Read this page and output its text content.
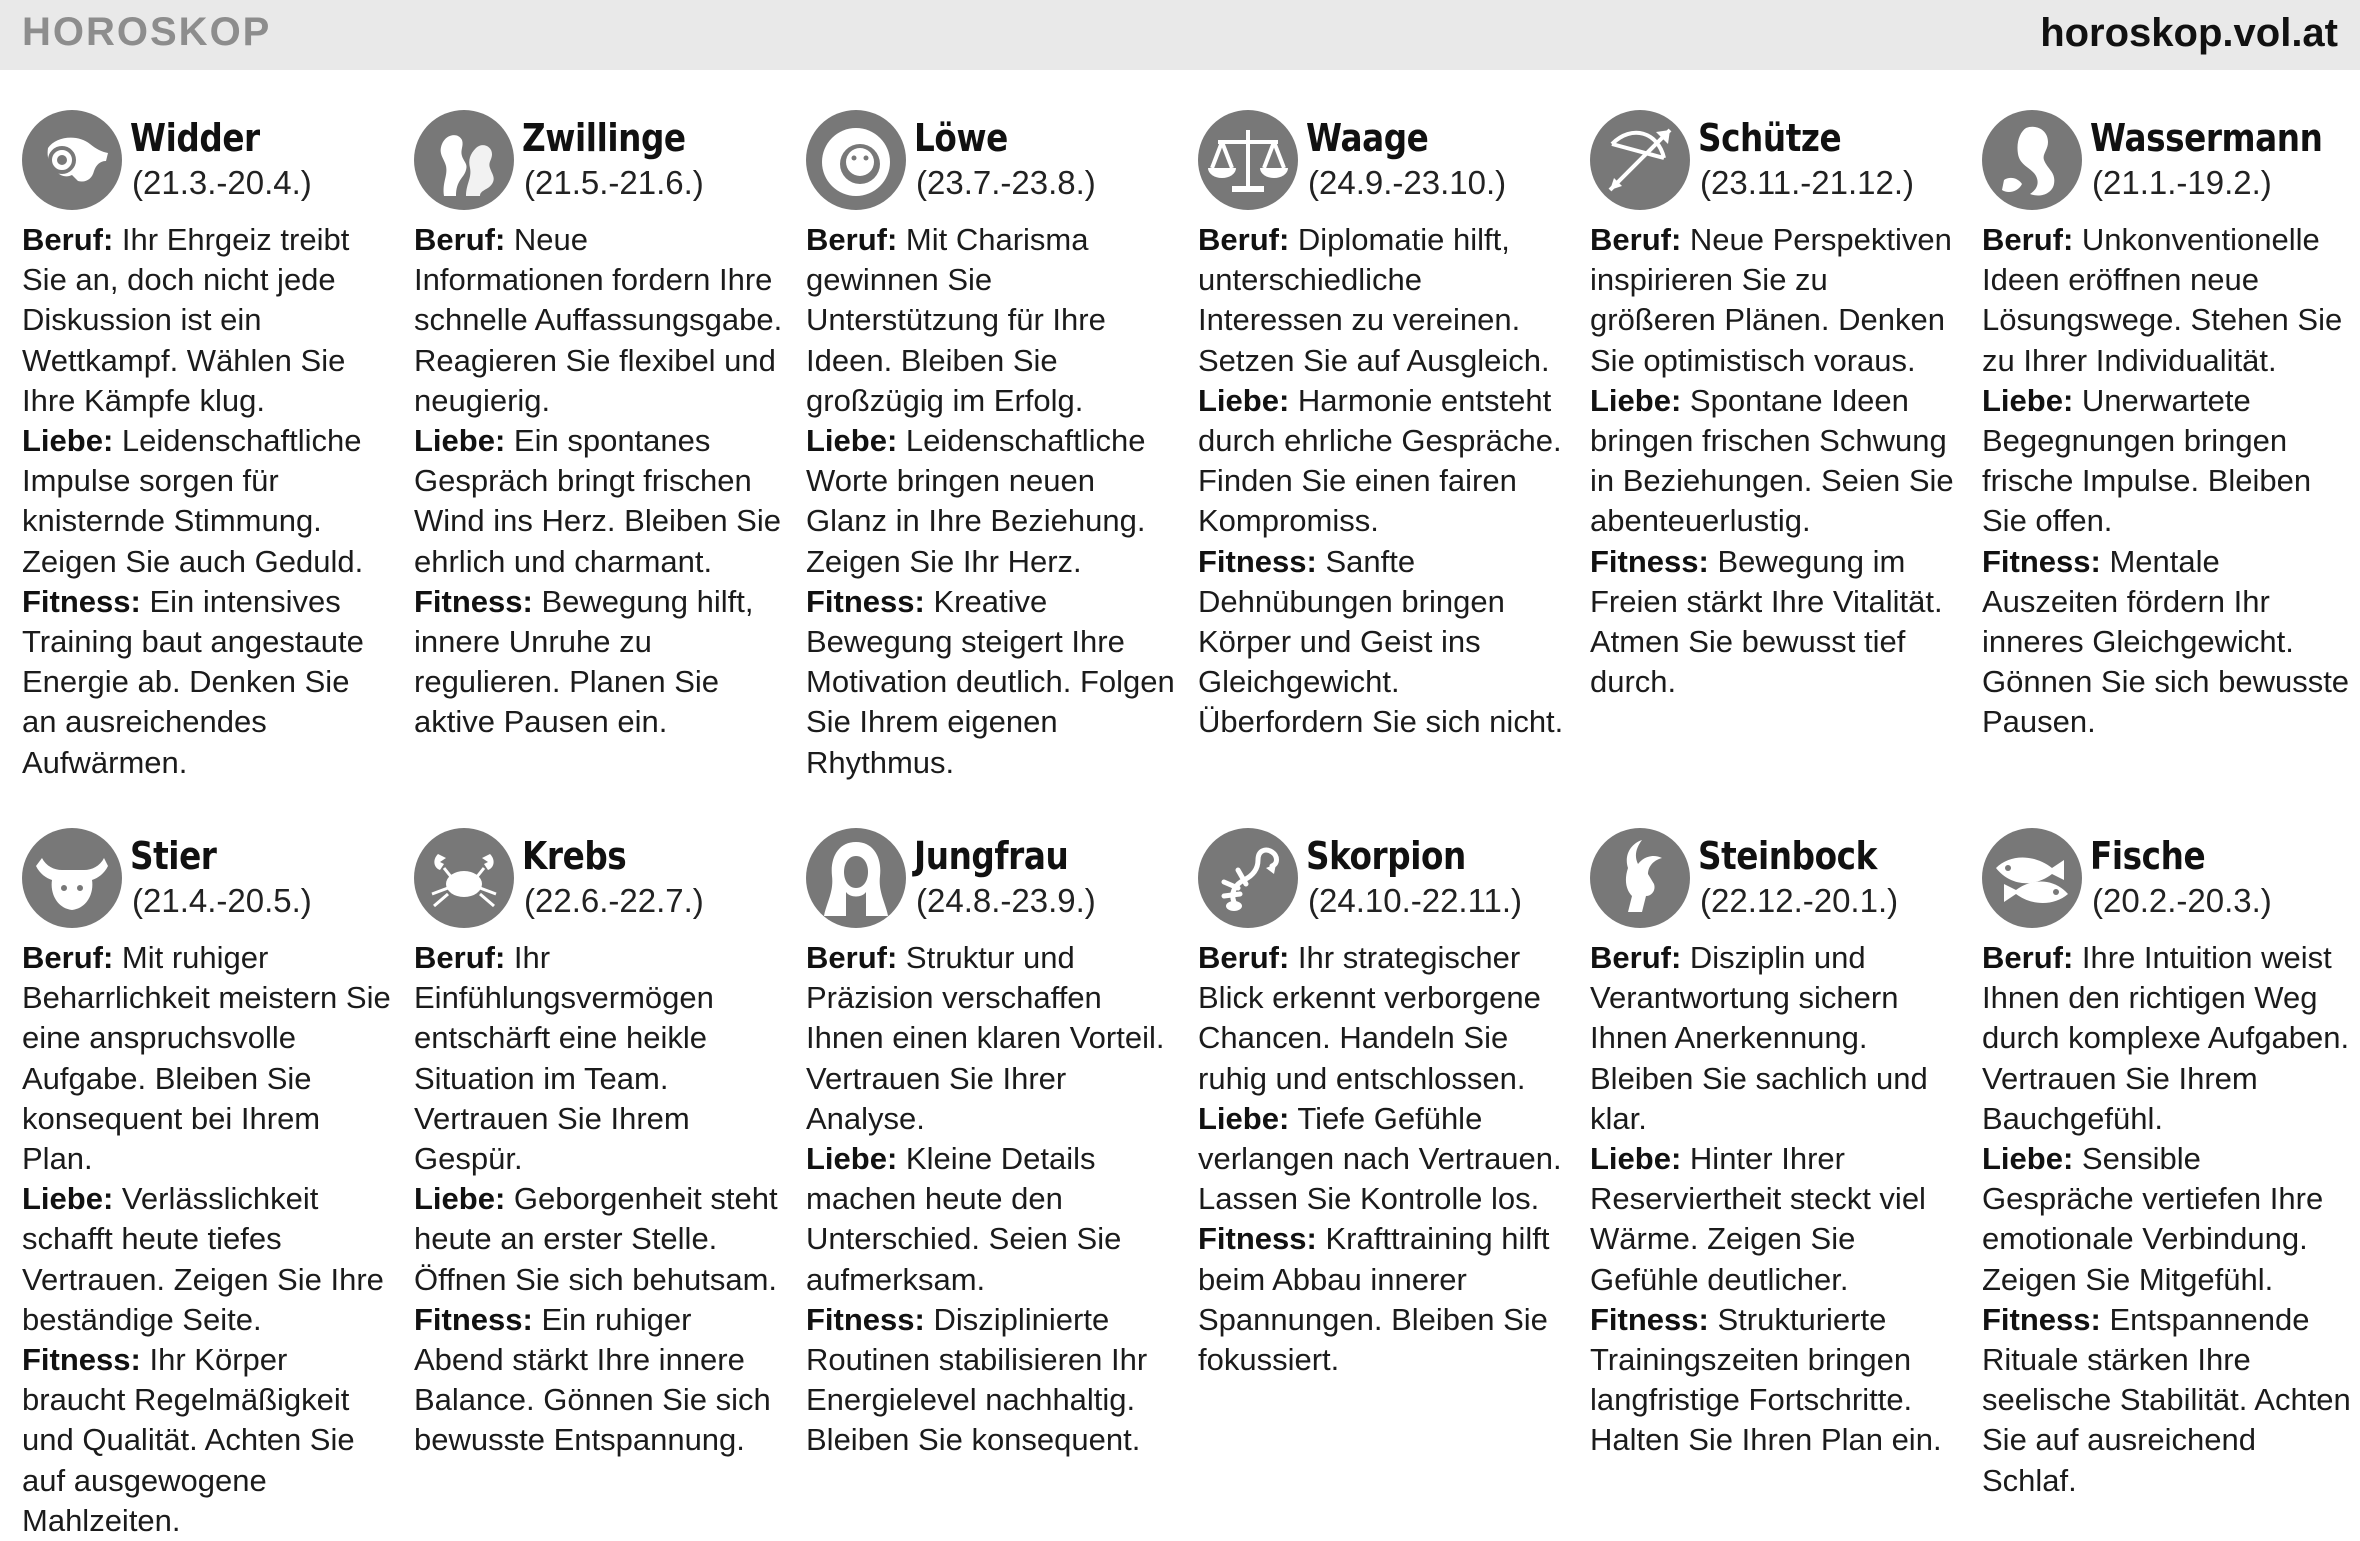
HOROSKOP	horoskop.vol.at
Widder
(21.3.-20.4.)
Beruf: Ihr Ehrgeiz treibt Sie an, doch nicht jede Diskussion ist ein Wettkampf. Wählen Sie Ihre Kämpfe klug.
Liebe: Leidenschaftliche Impulse sorgen für knisternde Stimmung. Zeigen Sie auch Geduld.
Fitness: Ein intensives Training baut angestaute Energie ab. Denken Sie an ausreichendes Aufwärmen.
Zwillinge
(21.5.-21.6.)
Beruf: Neue Informationen fordern Ihre schnelle Auffassungsgabe. Reagieren Sie flexibel und neugierig.
Liebe: Ein spontanes Gespräch bringt frischen Wind ins Herz. Bleiben Sie ehrlich und charmant.
Fitness: Bewegung hilft, innere Unruhe zu regulieren. Planen Sie aktive Pausen ein.
Löwe
(23.7.-23.8.)
Beruf: Mit Charisma gewinnen Sie Unterstützung für Ihre Ideen. Bleiben Sie großzügig im Erfolg.
Liebe: Leidenschaftliche Worte bringen neuen Glanz in Ihre Beziehung. Zeigen Sie Ihr Herz.
Fitness: Kreative Bewegung steigert Ihre Motivation deutlich. Folgen Sie Ihrem eigenen Rhythmus.
Waage
(24.9.-23.10.)
Beruf: Diplomatie hilft, unterschiedliche Interessen zu vereinen. Setzen Sie auf Ausgleich.
Liebe: Harmonie entsteht durch ehrliche Gespräche. Finden Sie einen fairen Kompromiss.
Fitness: Sanfte Dehnübungen bringen Körper und Geist ins Gleichgewicht. Überfordern Sie sich nicht.
Schütze
(23.11.-21.12.)
Beruf: Neue Perspektiven inspirieren Sie zu größeren Plänen. Denken Sie optimistisch voraus.
Liebe: Spontane Ideen bringen frischen Schwung in Beziehungen. Seien Sie abenteuerlustig.
Fitness: Bewegung im Freien stärkt Ihre Vitalität. Atmen Sie bewusst tief durch.
Wassermann
(21.1.-19.2.)
Beruf: Unkonventionelle Ideen eröffnen neue Lösungswege. Stehen Sie zu Ihrer Individualität.
Liebe: Unerwartete Begegnungen bringen frische Impulse. Bleiben Sie offen.
Fitness: Mentale Auszeiten fördern Ihr inneres Gleichgewicht. Gönnen Sie sich bewusste Pausen.
Stier
(21.4.-20.5.)
Beruf: Mit ruhiger Beharrlichkeit meistern Sie eine anspruchsvolle Aufgabe. Bleiben Sie konsequent bei Ihrem Plan.
Liebe: Verlässlichkeit schafft heute tiefes Vertrauen. Zeigen Sie Ihre beständige Seite.
Fitness: Ihr Körper braucht Regelmäßigkeit und Qualität. Achten Sie auf ausgewogene Mahlzeiten.
Krebs
(22.6.-22.7.)
Beruf: Ihr Einfühlungsvermögen entschärft eine heikle Situation im Team. Vertrauen Sie Ihrem Gespür.
Liebe: Geborgenheit steht heute an erster Stelle. Öffnen Sie sich behutsam.
Fitness: Ein ruhiger Abend stärkt Ihre innere Balance. Gönnen Sie sich bewusste Entspannung.
Jungfrau
(24.8.-23.9.)
Beruf: Struktur und Präzision verschaffen Ihnen einen klaren Vorteil. Vertrauen Sie Ihrer Analyse.
Liebe: Kleine Details machen heute den Unterschied. Seien Sie aufmerksam.
Fitness: Disziplinierte Routinen stabilisieren Ihr Energielevel nachhaltig. Bleiben Sie konsequent.
Skorpion
(24.10.-22.11.)
Beruf: Ihr strategischer Blick erkennt verborgene Chancen. Handeln Sie ruhig und entschlossen.
Liebe: Tiefe Gefühle verlangen nach Vertrauen. Lassen Sie Kontrolle los.
Fitness: Krafttraining hilft beim Abbau innerer Spannungen. Bleiben Sie fokussiert.
Steinbock
(22.12.-20.1.)
Beruf: Disziplin und Verantwortung sichern Ihnen Anerkennung. Bleiben Sie sachlich und klar.
Liebe: Hinter Ihrer Reserviertheit steckt viel Wärme. Zeigen Sie Gefühle deutlicher.
Fitness: Strukturierte Trainingszeiten bringen langfristige Fortschritte. Halten Sie Ihren Plan ein.
Fische
(20.2.-20.3.)
Beruf: Ihre Intuition weist Ihnen den richtigen Weg durch komplexe Aufgaben. Vertrauen Sie Ihrem Bauchgefühl.
Liebe: Sensible Gespräche vertiefen Ihre emotionale Verbindung. Zeigen Sie Mitgefühl.
Fitness: Entspannende Rituale stärken Ihre seelische Stabilität. Achten Sie auf ausreichend Schlaf.
